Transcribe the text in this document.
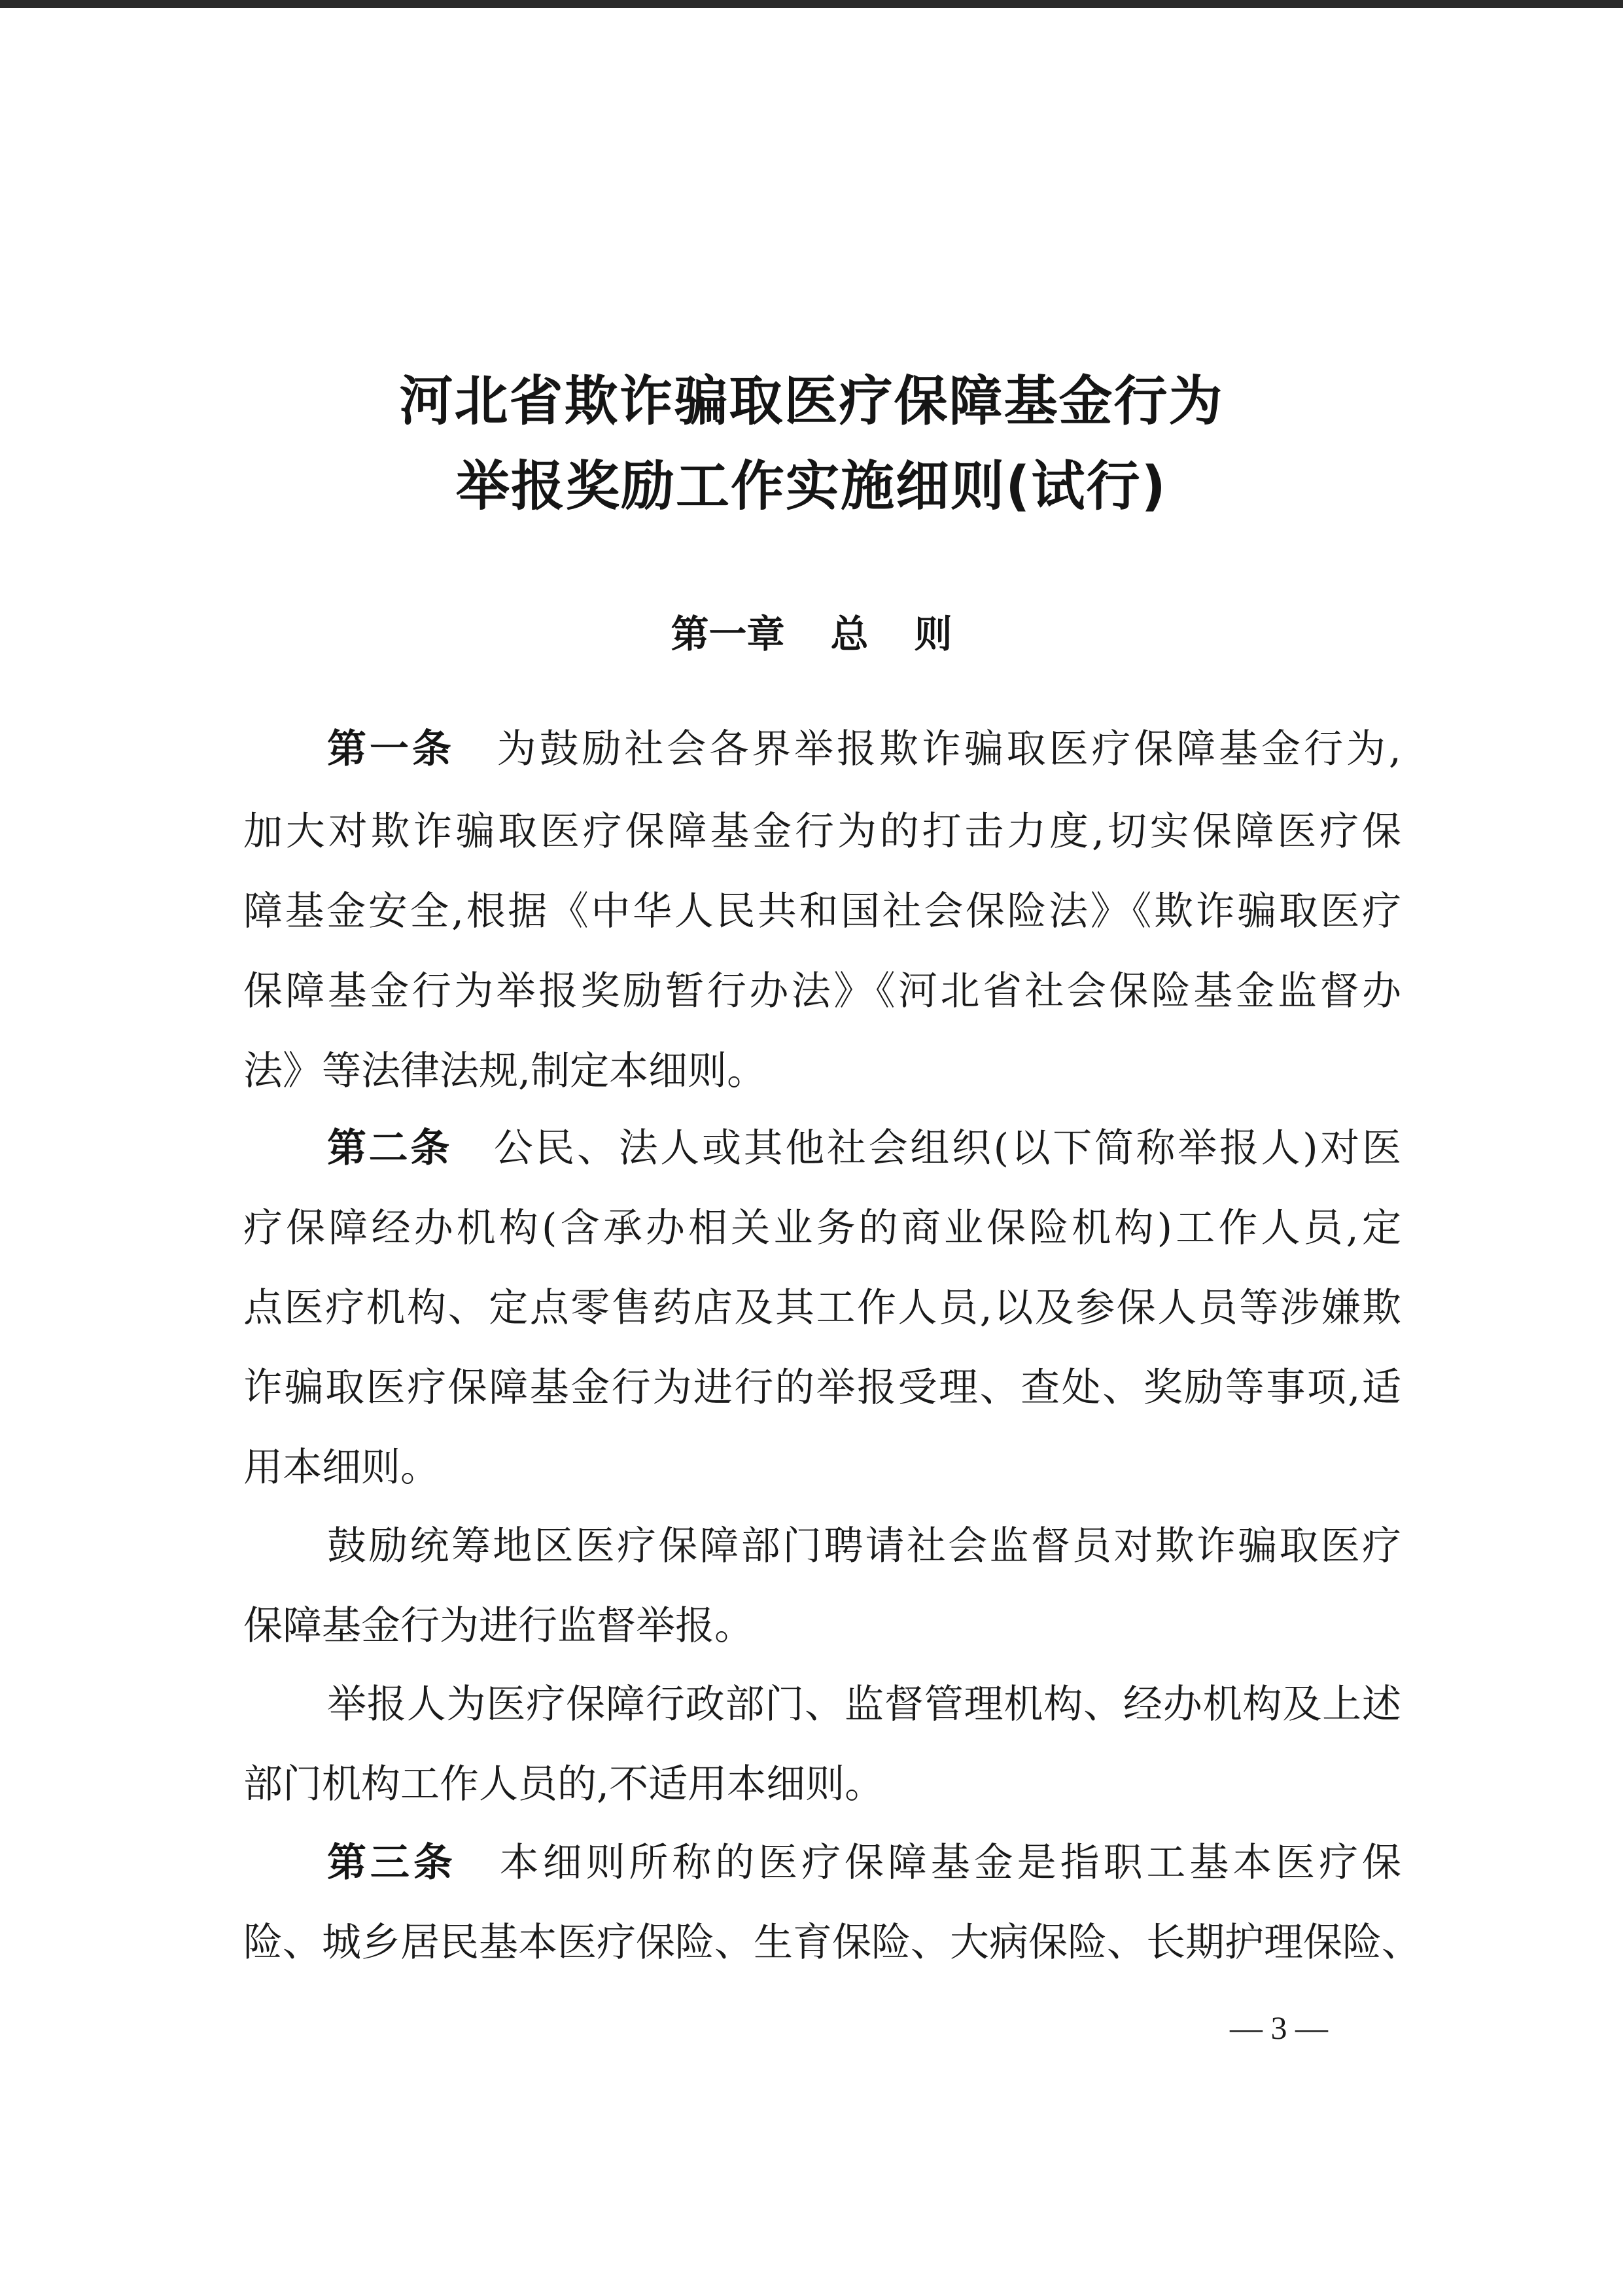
河北省欺诈骗取医疗保障基金行为
举报奖励工作实施细则(试行)
第一章 总 则
第一条 为鼓励社会各界举报欺诈骗取医疗保障基金行为,
加大对欺诈骗取医疗保障基金行为的打击力度,切实保障医疗保
障基金安全,根据《中华人民共和国社会保险法》《欺诈骗取医疗
保障基金行为举报奖励暂行办法》《河北省社会保险基金监督办
法》等法律法规,制定本细则。
第二条 公民、法人或其他社会组织(以下简称举报人)对医
疗保障经办机构(含承办相关业务的商业保险机构)工作人员,定
点医疗机构、定点零售药店及其工作人员,以及参保人员等涉嫌欺
诈骗取医疗保障基金行为进行的举报受理、查处、奖励等事项,适
用本细则。
鼓励统筹地区医疗保障部门聘请社会监督员对欺诈骗取医疗
保障基金行为进行监督举报。
举报人为医疗保障行政部门、监督管理机构、经办机构及上述
部门机构工作人员的,不适用本细则。
第三条 本细则所称的医疗保障基金是指职工基本医疗保
险、城乡居民基本医疗保险、生育保险、大病保险、长期护理保险、
— 3 —
